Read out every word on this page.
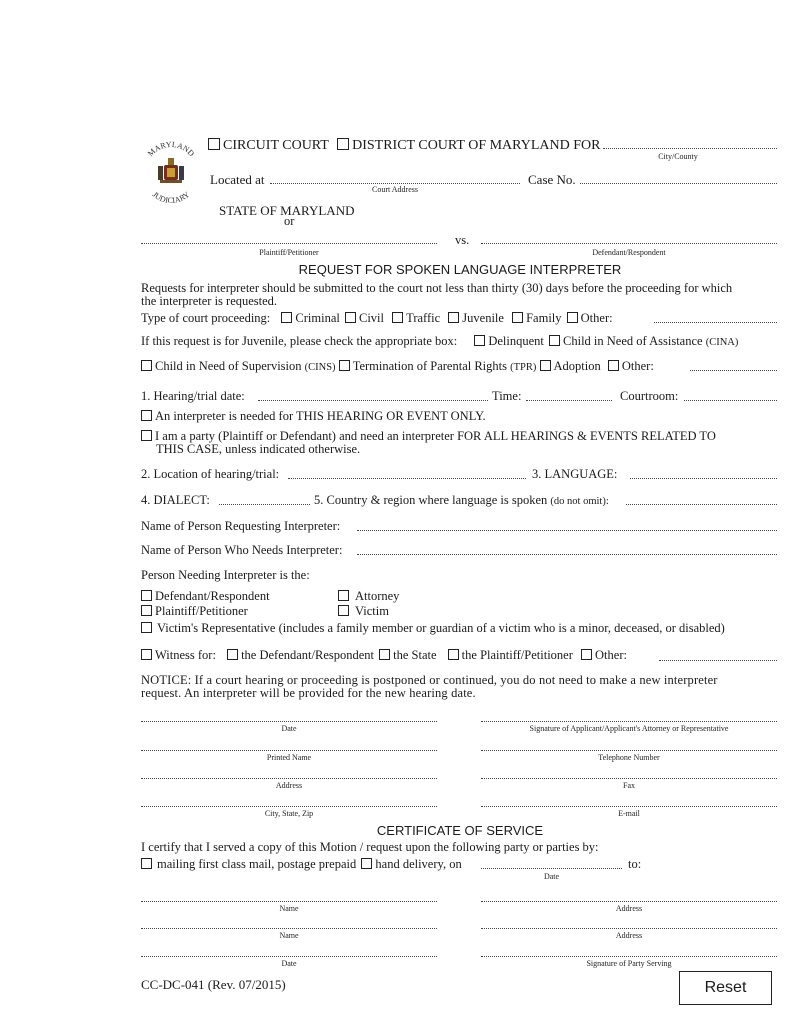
MARYLAND
JUDICIARY
CIRCUIT COURT DISTRICT COURT OF MARYLAND FOR
City/County
Located at
Court Address
Case No.
STATE OF MARYLAND
or
Plaintiff/Petitioner
vs.
Defendant/Respondent
REQUEST FOR SPOKEN LANGUAGE INTERPRETER
Requests for interpreter should be submitted to the court not less than thirty (30) days before the proceeding for which
the interpreter is requested.
Type of court proceeding: Criminal Civil Traffic Juvenile Family Other:
If this request is for Juvenile, please check the appropriate box: Delinquent Child in Need of Assistance (CINA)
Child in Need of Supervision (CINS) Termination of Parental Rights (TPR) Adoption Other:
1. Hearing/trial date:	Time:	Courtroom:
An interpreter is needed for THIS HEARING OR EVENT ONLY.
I am a party (Plaintiff or Defendant) and need an interpreter FOR ALL HEARINGS & EVENTS RELATED TO
THIS CASE, unless indicated otherwise.
2. Location of hearing/trial:	3. LANGUAGE:
4. DIALECT:	5. Country & region where language is spoken (do not omit):
Name of Person Requesting Interpreter:
Name of Person Who Needs Interpreter:
Person Needing Interpreter is the:
Defendant/Respondent	Attorney
Plaintiff/Petitioner	Victim
Victim's Representative (includes a family member or guardian of a victim who is a minor, deceased, or disabled)
Witness for: the Defendant/Respondent the State the Plaintiff/Petitioner Other:
NOTICE: If a court hearing or proceeding is postponed or continued, you do not need to make a new interpreter
request. An interpreter will be provided for the new hearing date.
Date	Signature of Applicant/Applicant's Attorney or Representative
Printed Name	Telephone Number
Address	Fax
City, State, Zip	E-mail
CERTIFICATE OF SERVICE
I certify that I served a copy of this Motion / request upon the following party or parties by:
mailing first class mail, postage prepaid hand delivery, on
Date
to:
Name	Address
Name	Address
Date	Signature of Party Serving
CC-DC-041 (Rev. 07/2015)	Reset
